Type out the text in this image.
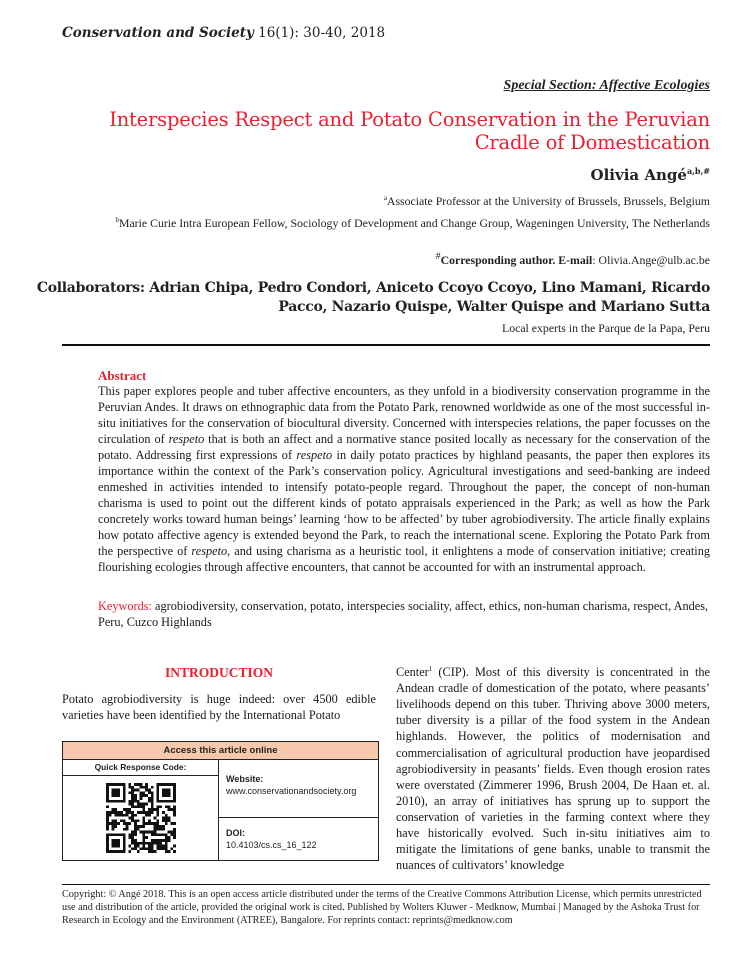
Conservation and Society 16(1): 30-40, 2018
Special Section: Affective Ecologies
Interspecies Respect and Potato Conservation in the Peruvian Cradle of Domestication
Olivia Angé$^{a,b,\#}$
$^a$Associate Professor at the University of Brussels, Brussels, Belgium
$^b$Marie Curie Intra European Fellow, Sociology of Development and Change Group, Wageningen University, The Netherlands
#Corresponding author. E-mail: Olivia.Ange@ulb.ac.be
Collaborators: Adrian Chipa, Pedro Condori, Aniceto Ccoyo Ccoyo, Lino Mamani, Ricardo Pacco, Nazario Quispe, Walter Quispe and Mariano Sutta
Local experts in the Parque de la Papa, Peru
Abstract
This paper explores people and tuber affective encounters, as they unfold in a biodiversity conservation programme in the Peruvian Andes. It draws on ethnographic data from the Potato Park, renowned worldwide as one of the most successful in-situ initiatives for the conservation of biocultural diversity. Concerned with interspecies relations, the paper focusses on the circulation of respeto that is both an affect and a normative stance posited locally as necessary for the conservation of the potato. Addressing first expressions of respeto in daily potato practices by highland peasants, the paper then explores its importance within the context of the Park’s conservation policy. Agricultural investigations and seed-banking are indeed enmeshed in activities intended to intensify potato-people regard. Throughout the paper, the concept of non-human charisma is used to point out the different kinds of potato appraisals experienced in the Park; as well as how the Park concretely works toward human beings’ learning ‘how to be affected’ by tuber agrobiodiversity. The article finally explains how potato affective agency is extended beyond the Park, to reach the international scene. Exploring the Potato Park from the perspective of respeto, and using charisma as a heuristic tool, it enlightens a mode of conservation initiative; creating flourishing ecologies through affective encounters, that cannot be accounted for with an instrumental approach.
Keywords: agrobiodiversity, conservation, potato, interspecies sociality, affect, ethics, non-human charisma, respect, Andes, Peru, Cuzco Highlands
INTRODUCTION
Potato agrobiodiversity is huge indeed: over 4500 edible varieties have been identified by the International Potato
Access this article online
Quick Response Code:
Website:
www.conservationandsociety.org
DOI:
10.4103/cs.cs_16_122
Center$^1$ (CIP). Most of this diversity is concentrated in the Andean cradle of domestication of the potato, where peasants’ livelihoods depend on this tuber. Thriving above 3000 meters, tuber diversity is a pillar of the food system in the Andean highlands. However, the politics of modernisation and commercialisation of agricultural production have jeopardised agrobiodiversity in peasants’ fields. Even though erosion rates were overstated (Zimmerer 1996, Brush 2004, De Haan et. al. 2010), an array of initiatives has sprung up to support the conservation of varieties in the farming context where they have historically evolved. Such in-situ initiatives aim to mitigate the limitations of gene banks, unable to transmit the nuances of cultivators’ knowledge
Copyright: © Angé 2018. This is an open access article distributed under the terms of the Creative Commons Attribution License, which permits unrestricted use and distribution of the article, provided the original work is cited. Published by Wolters Kluwer - Medknow, Mumbai | Managed by the Ashoka Trust for Research in Ecology and the Environment (ATREE), Bangalore. For reprints contact: reprints@medknow.com
